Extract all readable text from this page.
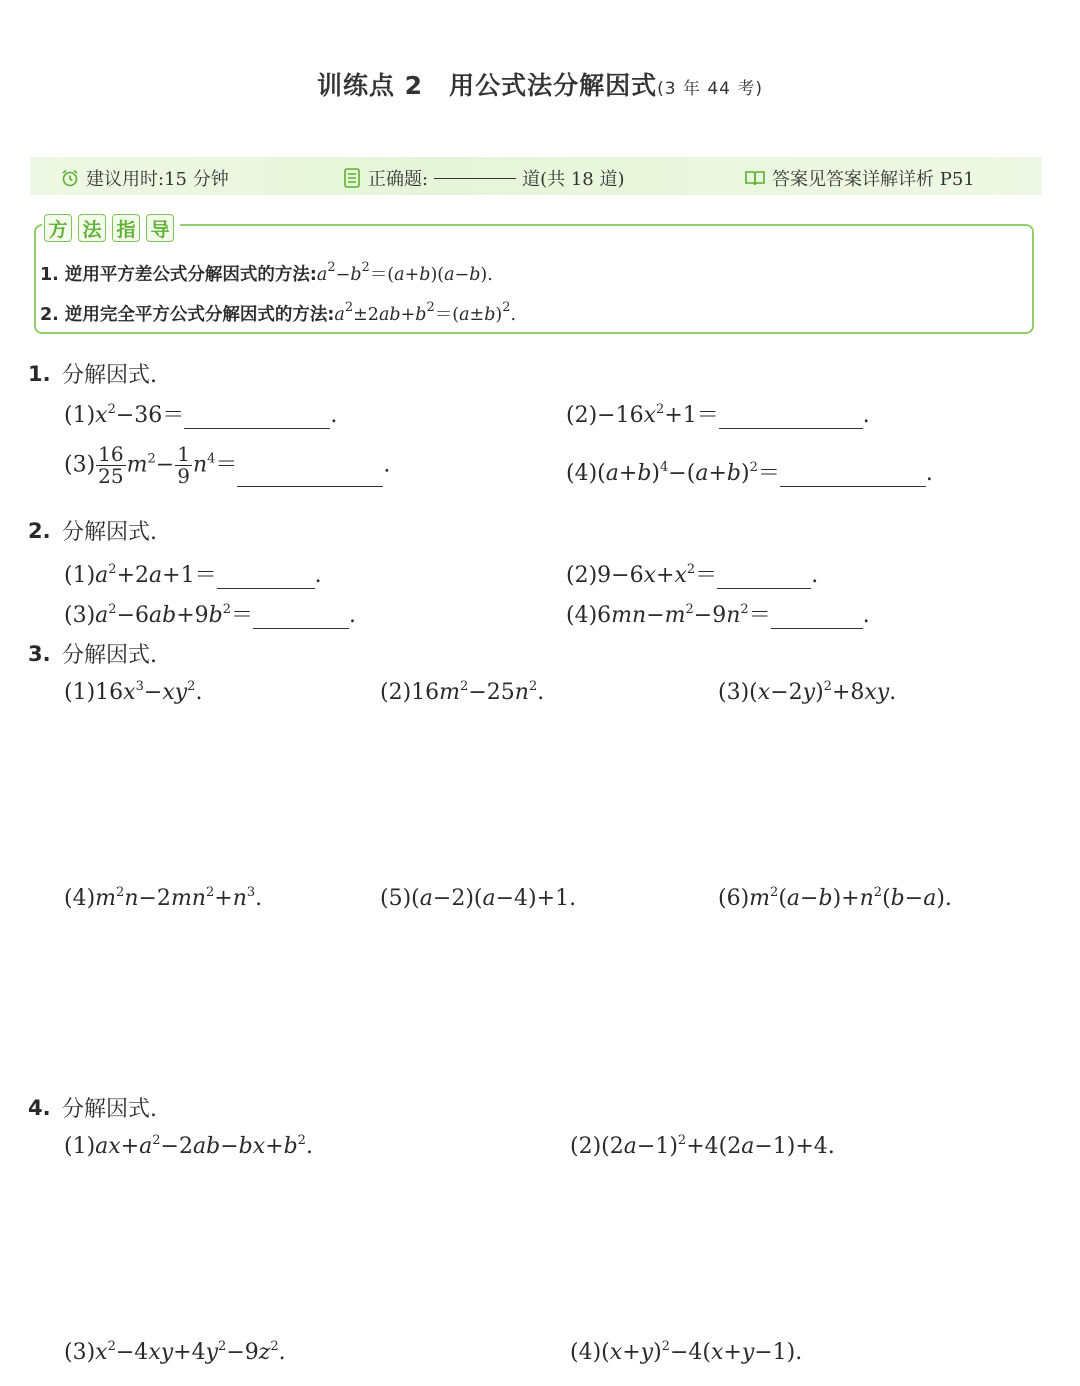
训练点 2　用公式法分解因式(3 年 44 考)
建议用时:15 分钟	正确题:	道(共 18 道)	答案见答案详解详析 P51
方 法 指 导
1. 逆用平方差公式分解因式的方法$:a^2-b^2=(a+b)(a-b)$.
2. 逆用完全平方公式分解因式的方法$:a^2\pm 2ab+b^2=(a\pm b)^2$.
1. 分解因式.
$(1)x^2-36=$	.	$(2)-16x^2+1=$	.
$(3) \frac{16}{25} m^2- \frac{1}{9} n^4=$	.	$(4)(a+b)^4-(a+b)^2=$	.
2. 分解因式.
$(1)a^2+2a+1=$	.	$(2)9-6x+x^2=$	.
$(3)a^2-6ab+9b^2=$	.	$(4)6mn-m^2-9n^2=$	.
3. 分解因式.
$(1)16x^3-xy^2$.	$(2)16m^2-25n^2$.	$(3)(x-2y)^2+8xy$.
$(4)m^2n-2mn^2+n^3$.	(5)(a−2)(a−4)+1.	$(6)m^2(a-b)+n^2(b-a)$.
4. 分解因式.
$(1)ax+a^2-2ab-bx+b^2$.	$(2)(2a-1)^2+4(2a-1)+4$.
$(3)x^2-4xy+4y^2-9z^2$.	$(4)(x+y)^2-4(x+y-1)$.
